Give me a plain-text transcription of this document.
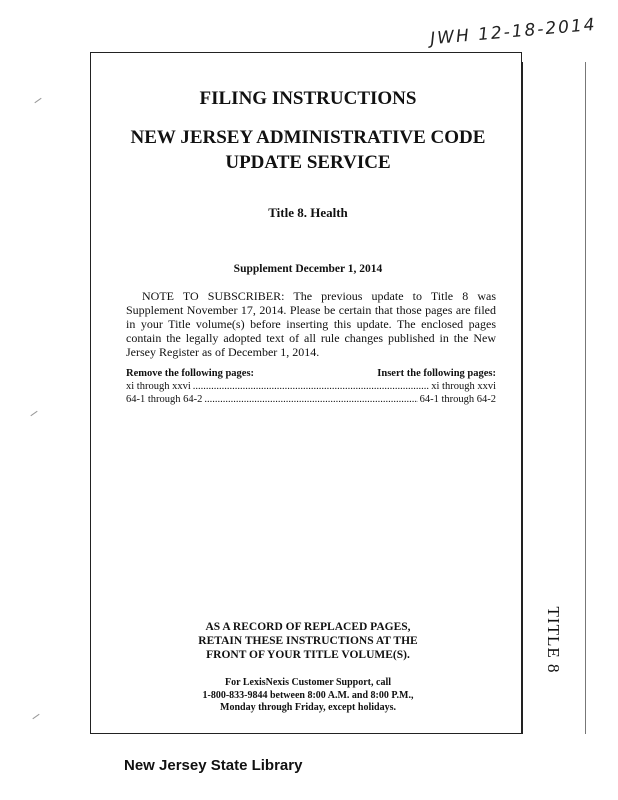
JWH 12-18-2014
TITLE 8
FILING INSTRUCTIONS
NEW JERSEY ADMINISTRATIVE CODE
UPDATE SERVICE
Title 8. Health
Supplement December 1, 2014
NOTE TO SUBSCRIBER: The previous update to Title 8 was Supplement November 17, 2014. Please be certain that those pages are filed in your Title volume(s) before inserting this update. The enclosed pages contain the legally adopted text of all rule changes published in the New Jersey Register as of December 1, 2014.
Remove the following pages:	Insert the following pages:
xi through xxvi .....	xi through xxvi
64-1 through 64-2 .....	64-1 through 64-2
AS A RECORD OF REPLACED PAGES,
RETAIN THESE INSTRUCTIONS AT THE
FRONT OF YOUR TITLE VOLUME(S).
For LexisNexis Customer Support, call
1-800-833-9844 between 8:00 A.M. and 8:00 P.M.,
Monday through Friday, except holidays.
New Jersey State Library
